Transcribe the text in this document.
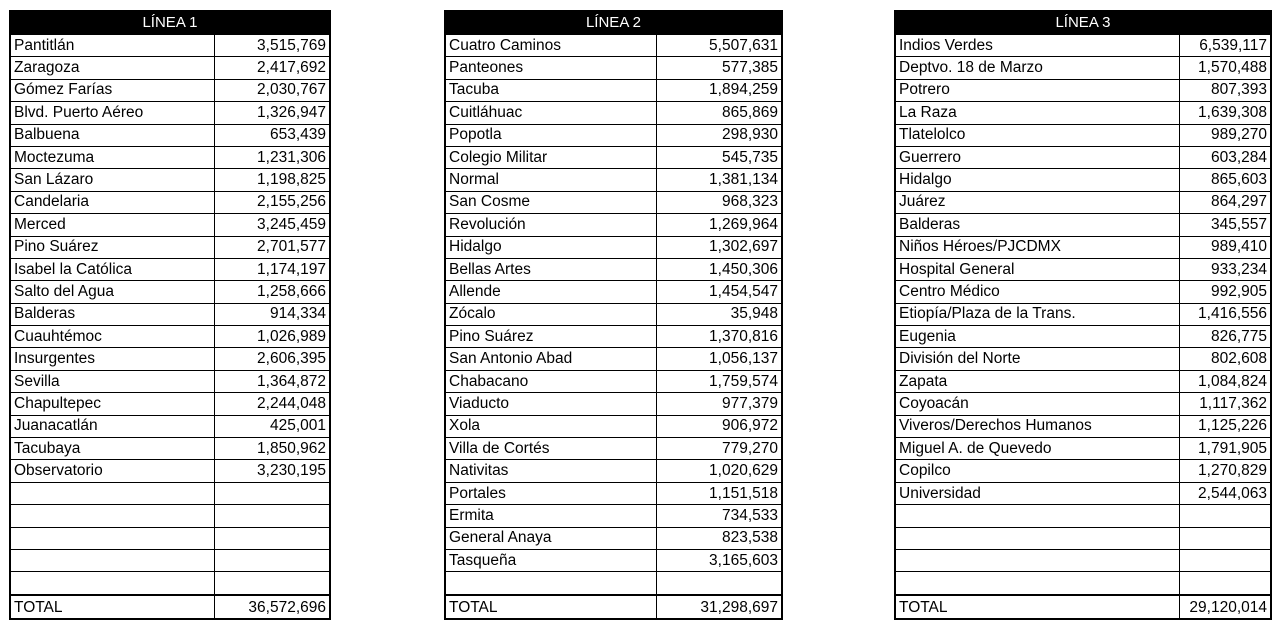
LÍNEA 1	
Pantitlán	3,515,769
Zaragoza	2,417,692
Gómez Farías	2,030,767
Blvd. Puerto Aéreo	1,326,947
Balbuena	653,439
Moctezuma	1,231,306
San Lázaro	1,198,825
Candelaria	2,155,256
Merced	3,245,459
Pino Suárez	2,701,577
Isabel la Católica	1,174,197
Salto del Agua	1,258,666
Balderas	914,334
Cuauhtémoc	1,026,989
Insurgentes	2,606,395
Sevilla	1,364,872
Chapultepec	2,244,048
Juanacatlán	425,001
Tacubaya	1,850,962
Observatorio	3,230,195

TOTAL	36,572,696
LÍNEA 2	
Cuatro Caminos	5,507,631
Panteones	577,385
Tacuba	1,894,259
Cuitláhuac	865,869
Popotla	298,930
Colegio Militar	545,735
Normal	1,381,134
San Cosme	968,323
Revolución	1,269,964
Hidalgo	1,302,697
Bellas Artes	1,450,306
Allende	1,454,547
Zócalo	35,948
Pino Suárez	1,370,816
San Antonio Abad	1,056,137
Chabacano	1,759,574
Viaducto	977,379
Xola	906,972
Villa de Cortés	779,270
Nativitas	1,020,629
Portales	1,151,518
Ermita	734,533
General Anaya	823,538
Tasqueña	3,165,603

TOTAL	31,298,697
LÍNEA 3	
Indios Verdes	6,539,117
Deptvo. 18 de Marzo	1,570,488
Potrero	807,393
La Raza	1,639,308
Tlatelolco	989,270
Guerrero	603,284
Hidalgo	865,603
Juárez	864,297
Balderas	345,557
Niños Héroes/PJCDMX	989,410
Hospital General	933,234
Centro Médico	992,905
Etiopía/Plaza de la Trans.	1,416,556
Eugenia	826,775
División del Norte	802,608
Zapata	1,084,824
Coyoacán	1,117,362
Viveros/Derechos Humanos	1,125,226
Miguel A. de Quevedo	1,791,905
Copilco	1,270,829
Universidad	2,544,063

TOTAL	29,120,014
